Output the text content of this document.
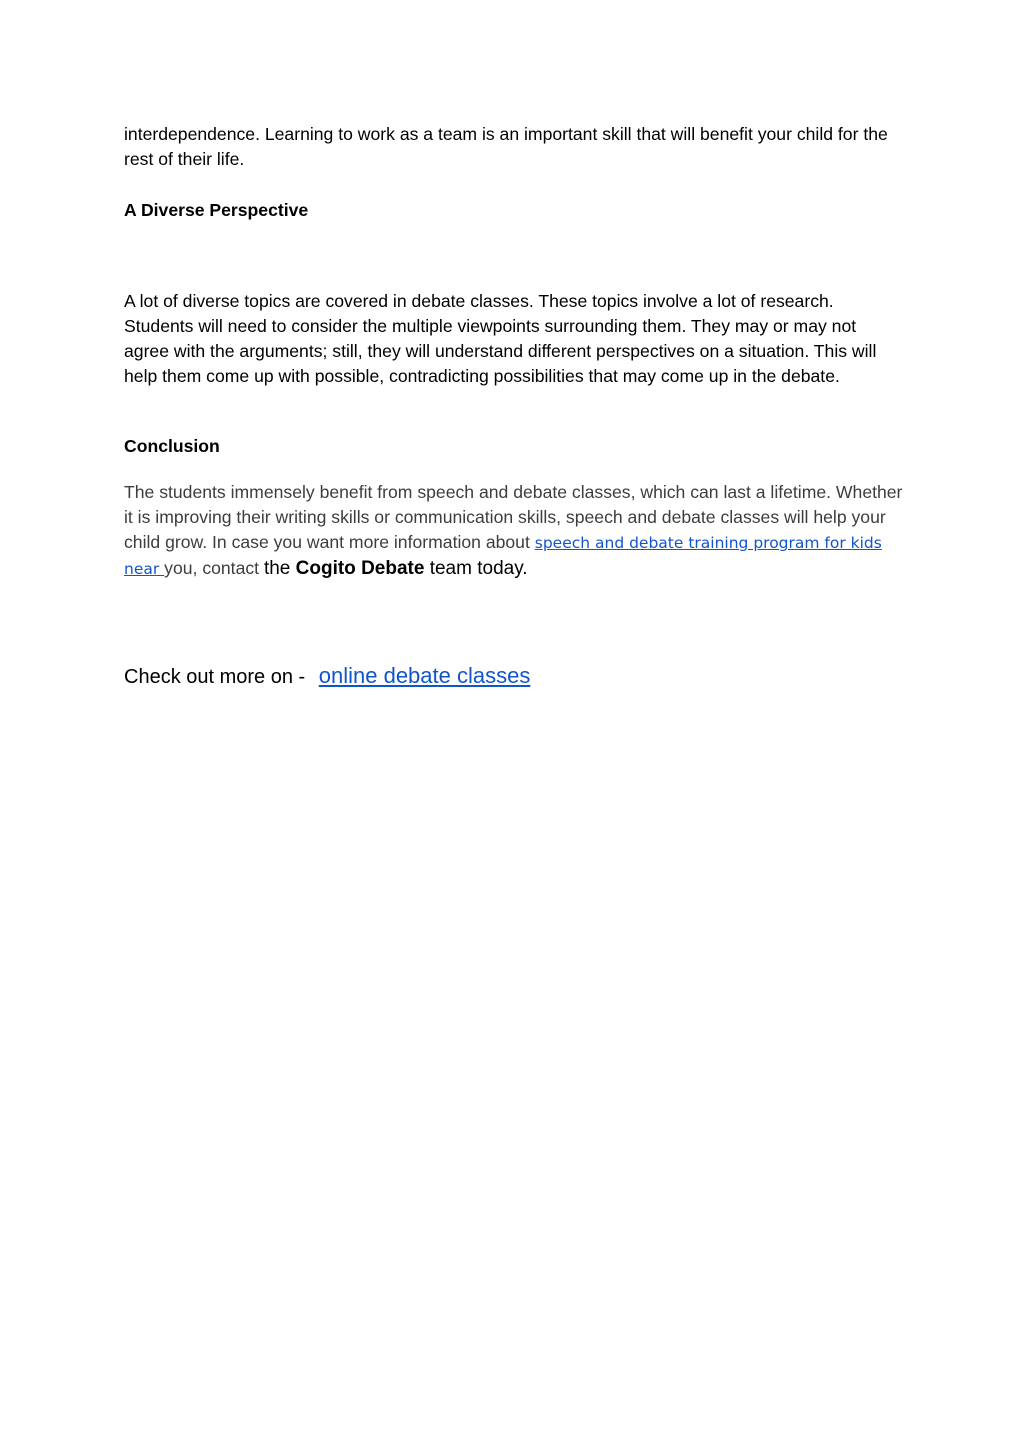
interdependence. Learning to work as a team is an important skill that will benefit your child for the rest of their life.

A Diverse Perspective

A lot of diverse topics are covered in debate classes. These topics involve a lot of research. Students will need to consider the multiple viewpoints surrounding them. They may or may not agree with the arguments; still, they will understand different perspectives on a situation. This will help them come up with possible, contradicting possibilities that may come up in the debate.

Conclusion

The students immensely benefit from speech and debate classes, which can last a lifetime. Whether it is improving their writing skills or communication skills, speech and debate classes will help your child grow. In case you want more information about speech and debate training program for kids near you, contact the Cogito Debate team today.

Check out more on - online debate classes
